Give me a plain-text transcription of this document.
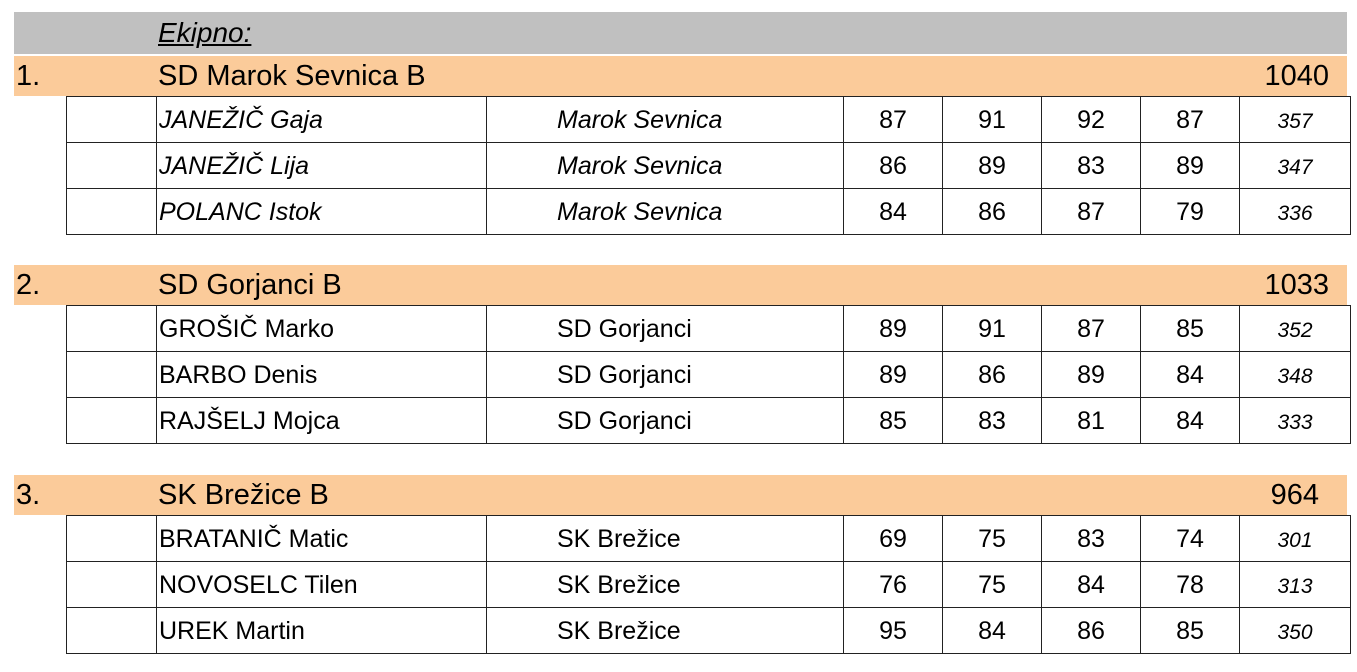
Ekipno:
1.	SD Marok Sevnica B	1040
	JANEŽIČ Gaja		Marok Sevnica	87	91	92	87	357
	JANEŽIČ Lija		Marok Sevnica	86	89	83	89	347
	POLANC Istok		Marok Sevnica	84	86	87	79	336
2.	SD Gorjanci B	1033
	GROŠIČ Marko		SD Gorjanci	89	91	87	85	352
	BARBO Denis		SD Gorjanci	89	86	89	84	348
	RAJŠELJ Mojca		SD Gorjanci	85	83	81	84	333
3.	SK Brežice B	964
	BRATANIČ Matic		SK Brežice	69	75	83	74	301
	NOVOSELC Tilen		SK Brežice	76	75	84	78	313
	UREK Martin		SK Brežice	95	84	86	85	350
